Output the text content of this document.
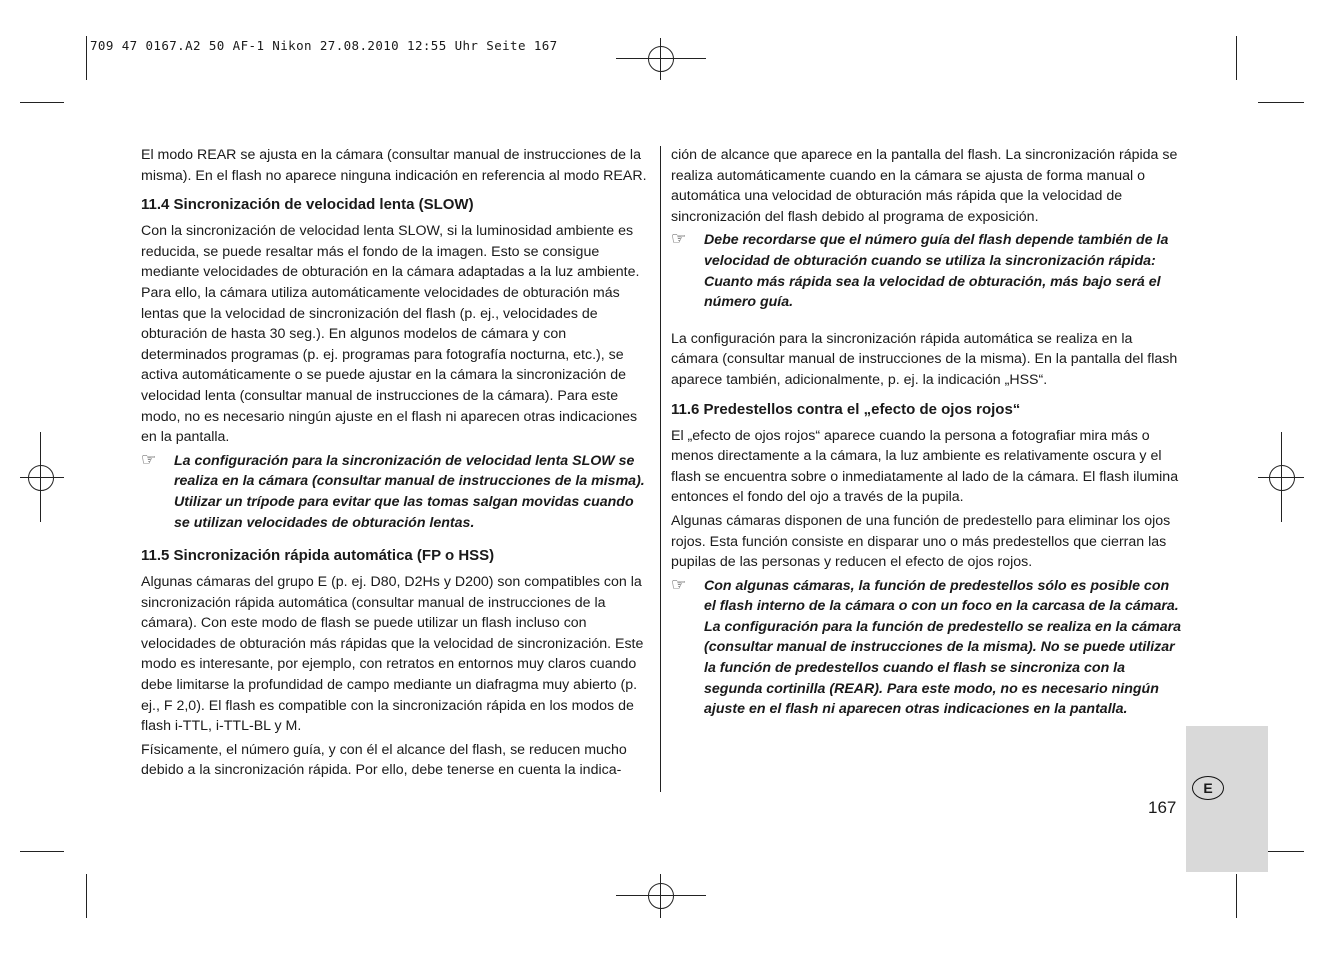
709 47 0167.A2 50 AF-1 Nikon 27.08.2010 12:55 Uhr Seite 167

El modo REAR se ajusta en la cámara (consultar manual de instrucciones de la misma). En el flash no aparece ninguna indicación en referencia al modo REAR.

11.4 Sincronización de velocidad lenta (SLOW)

Con la sincronización de velocidad lenta SLOW, si la luminosidad ambiente es reducida, se puede resaltar más el fondo de la imagen. Esto se consigue mediante velocidades de obturación en la cámara adaptadas a la luz ambiente. Para ello, la cámara utiliza automáticamente velocidades de obturación más lentas que la velocidad de sincronización del flash (p. ej., velocidades de obturación de hasta 30 seg.). En algunos modelos de cámara y con determinados programas (p. ej. programas para fotografía nocturna, etc.), se activa automáticamente o se puede ajustar en la cámara la sincronización de velocidad lenta (consultar manual de instrucciones de la cámara). Para este modo, no es necesario ningún ajuste en el flash ni aparecen otras indicaciones en la pantalla.

☞ La configuración para la sincronización de velocidad lenta SLOW se realiza en la cámara (consultar manual de instrucciones de la misma). Utilizar un trípode para evitar que las tomas salgan movidas cuando se utilizan velocidades de obturación lentas.
11.5 Sincronización rápida automática (FP o HSS)

Algunas cámaras del grupo E (p. ej. D80, D2Hs y D200) son compatibles con la sincronización rápida automática (consultar manual de instrucciones de la cámara). Con este modo de flash se puede utilizar un flash incluso con velocidades de obturación más rápidas que la velocidad de sincronización. Este modo es interesante, por ejemplo, con retratos en entornos muy claros cuando debe limitarse la profundidad de campo mediante un diafragma muy abierto (p. ej., F 2,0). El flash es compatible con la sincronización rápida en los modos de flash i-TTL, i-TTL-BL y M.

Físicamente, el número guía, y con él el alcance del flash, se reducen mucho debido a la sincronización rápida. Por ello, debe tenerse en cuenta la indica-

ción de alcance que aparece en la pantalla del flash. La sincronización rápida se realiza automáticamente cuando en la cámara se ajusta de forma manual o automática una velocidad de obturación más rápida que la velocidad de sincronización del flash debido al programa de exposición.

☞ Debe recordarse que el número guía del flash depende también de la velocidad de obturación cuando se utiliza la sincronización rápida: Cuanto más rápida sea la velocidad de obturación, más bajo será el número guía.

La configuración para la sincronización rápida automática se realiza en la cámara (consultar manual de instrucciones de la misma). En la pantalla del flash aparece también, adicionalmente, p. ej. la indicación „HSS“.

11.6 Predestellos contra el „efecto de ojos rojos“

El „efecto de ojos rojos“ aparece cuando la persona a fotografiar mira más o menos directamente a la cámara, la luz ambiente es relativamente oscura y el flash se encuentra sobre o inmediatamente al lado de la cámara. El flash ilumina entonces el fondo del ojo a través de la pupila.

Algunas cámaras disponen de una función de predestello para eliminar los ojos rojos. Esta función consiste en disparar uno o más predestellos que cierran las pupilas de las personas y reducen el efecto de ojos rojos.

☞ Con algunas cámaras, la función de predestellos sólo es posible con el flash interno de la cámara o con un foco en la carcasa de la cámara. La configuración para la función de predestello se realiza en la cámara (consultar manual de instrucciones de la misma). No se puede utilizar la función de predestellos cuando el flash se sincroniza con la segunda cortinilla (REAR). Para este modo, no es necesario ningún ajuste en el flash ni aparecen otras indicaciones en la pantalla.
E
167
